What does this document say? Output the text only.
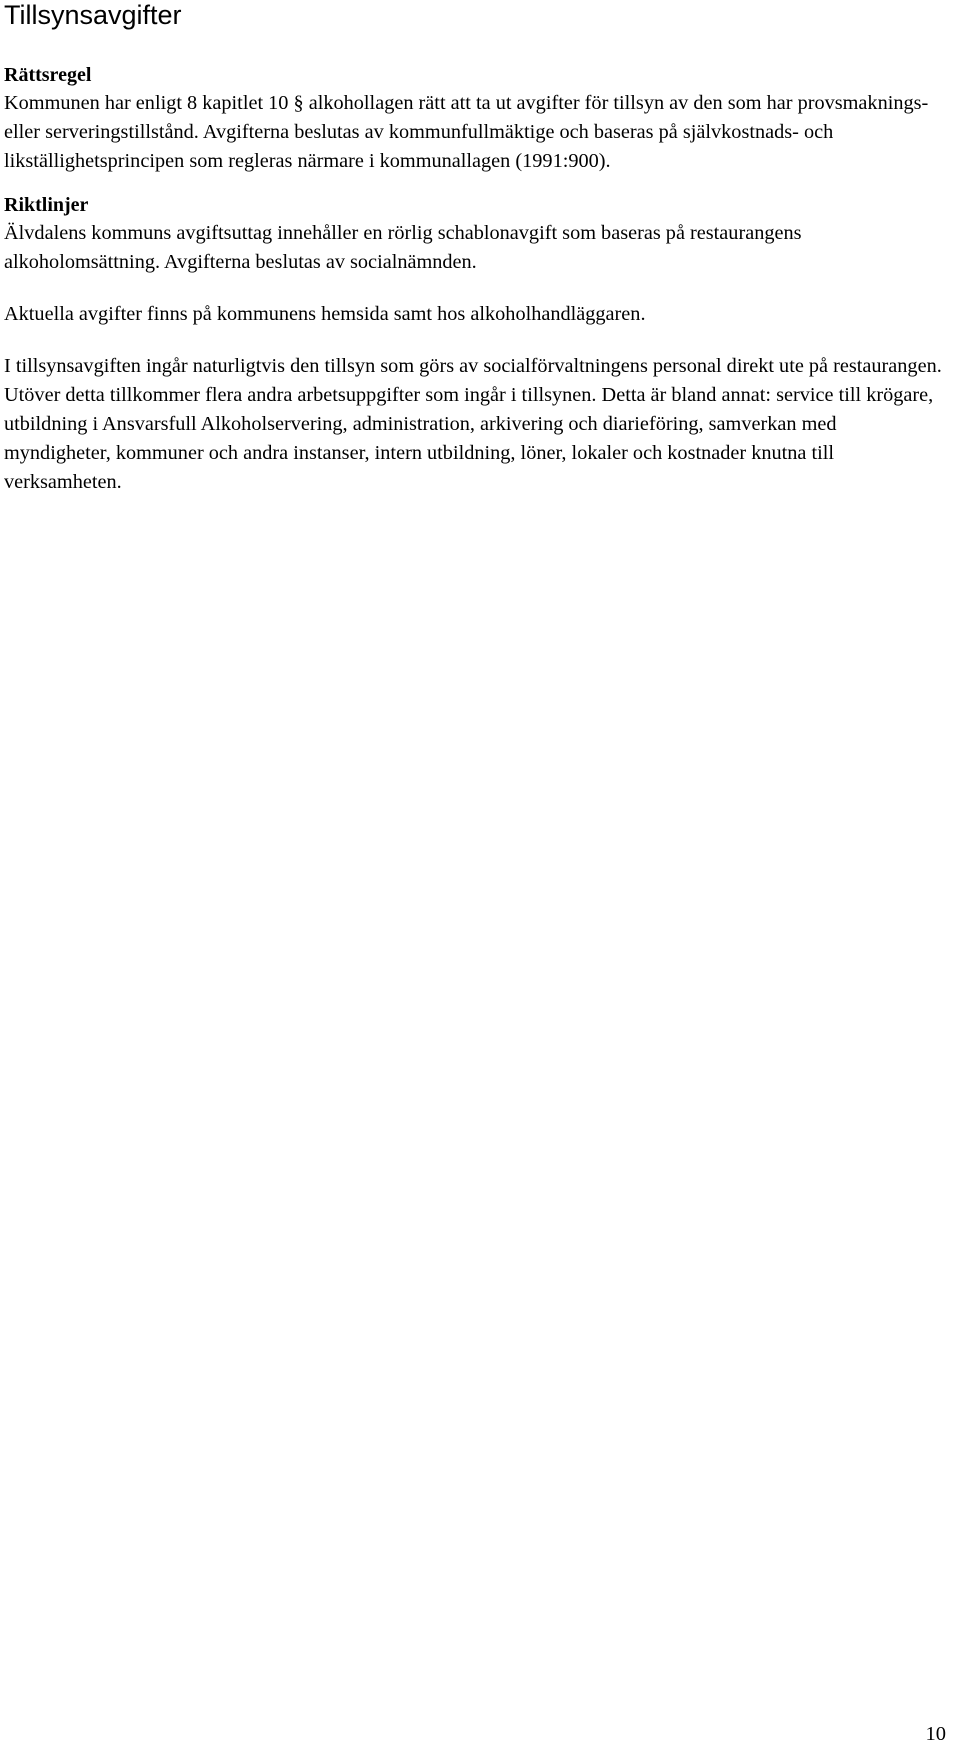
Tillsynsavgifter
Rättsregel

Kommunen har enligt 8 kapitlet 10 § alkohollagen rätt att ta ut avgifter för tillsyn av den som har provsmaknings- eller serveringstillstånd. Avgifterna beslutas av kommunfullmäktige och baseras på självkostnads- och likställighetsprincipen som regleras närmare i kommunallagen (1991:900).

Riktlinjer

Älvdalens kommuns avgiftsuttag innehåller en rörlig schablonavgift som baseras på restaurangens alkoholomsättning. Avgifterna beslutas av socialnämnden.

Aktuella avgifter finns på kommunens hemsida samt hos alkoholhandläggaren.

I tillsynsavgiften ingår naturligtvis den tillsyn som görs av socialförvaltningens personal direkt ute på restaurangen. Utöver detta tillkommer flera andra arbetsuppgifter som ingår i tillsynen. Detta är bland annat: service till krögare, utbildning i Ansvarsfull Alkoholservering, administration, arkivering och diarieföring, samverkan med myndigheter, kommuner och andra instanser, intern utbildning, löner, lokaler och kostnader knutna till verksamheten.

10
